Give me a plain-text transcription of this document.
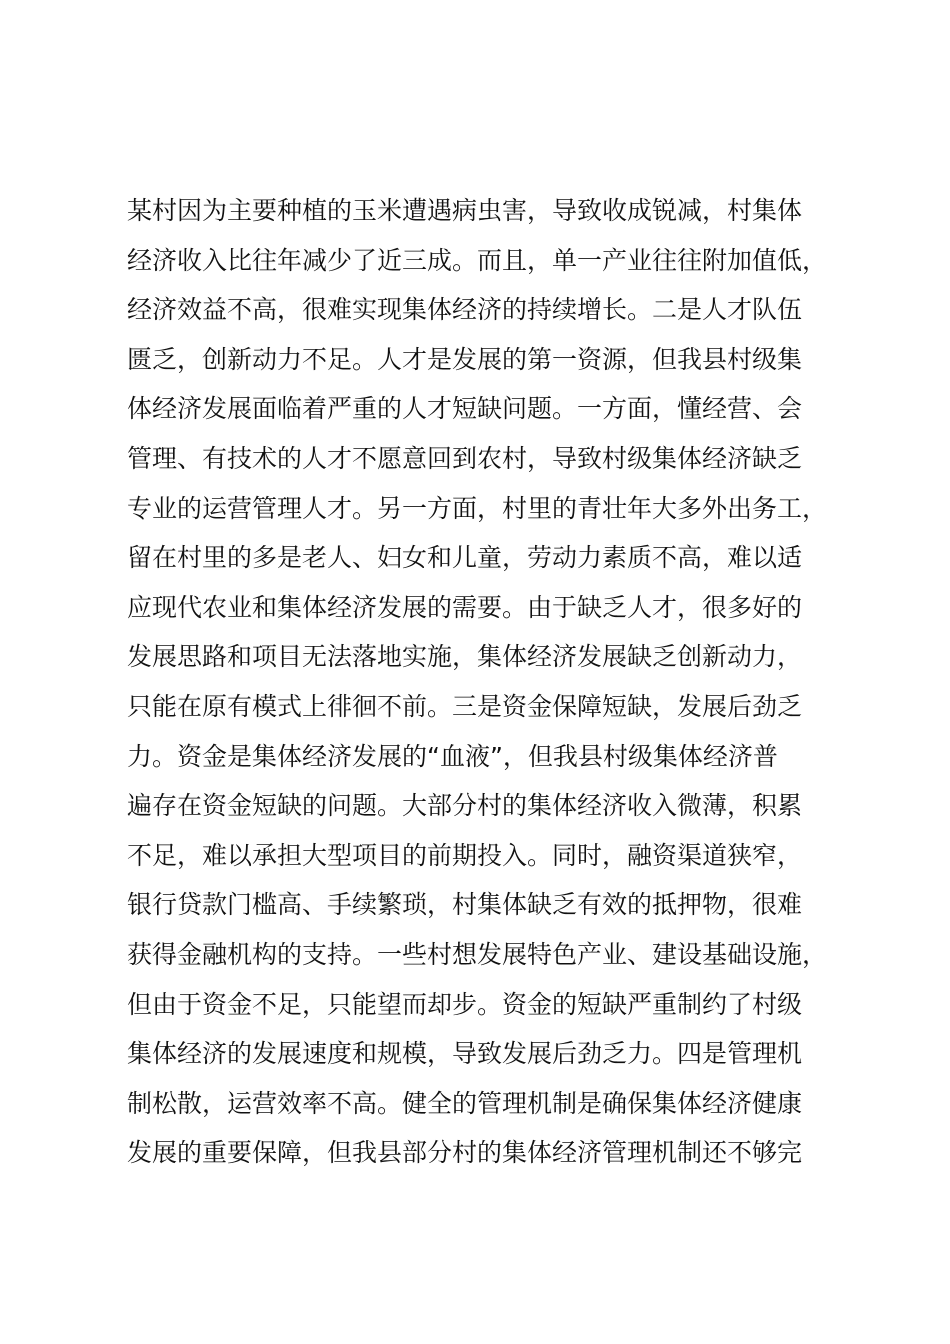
某村因为主要种植的玉米遭遇病虫害，导致收成锐减，村集体
经济收入比往年减少了近三成。而且，单一产业往往附加值低，
经济效益不高，很难实现集体经济的持续增长。二是人才队伍
匮乏，创新动力不足。人才是发展的第一资源，但我县村级集
体经济发展面临着严重的人才短缺问题。一方面，懂经营、会
管理、有技术的人才不愿意回到农村，导致村级集体经济缺乏
专业的运营管理人才。另一方面，村里的青壮年大多外出务工，
留在村里的多是老人、妇女和儿童，劳动力素质不高，难以适
应现代农业和集体经济发展的需要。由于缺乏人才，很多好的
发展思路和项目无法落地实施，集体经济发展缺乏创新动力，
只能在原有模式上徘徊不前。三是资金保障短缺，发展后劲乏
力。资金是集体经济发展的“血液”，但我县村级集体经济普
遍存在资金短缺的问题。大部分村的集体经济收入微薄，积累
不足，难以承担大型项目的前期投入。同时，融资渠道狭窄，
银行贷款门槛高、手续繁琐，村集体缺乏有效的抵押物，很难
获得金融机构的支持。一些村想发展特色产业、建设基础设施，
但由于资金不足，只能望而却步。资金的短缺严重制约了村级
集体经济的发展速度和规模，导致发展后劲乏力。四是管理机
制松散，运营效率不高。健全的管理机制是确保集体经济健康
发展的重要保障，但我县部分村的集体经济管理机制还不够完
